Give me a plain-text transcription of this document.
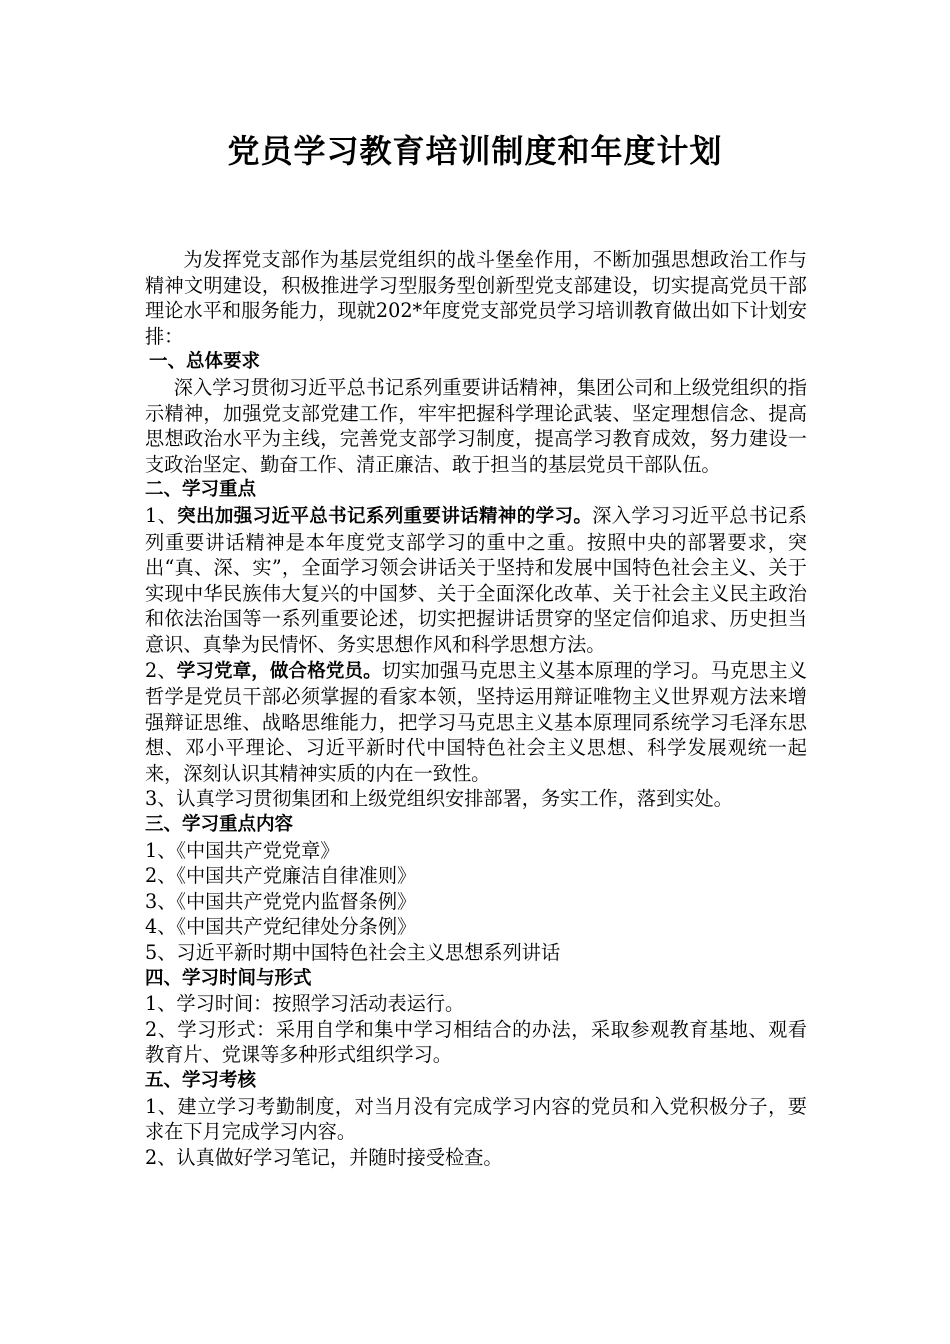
党员学习教育培训制度和年度计划

为发挥党支部作为基层党组织的战斗堡垒作用，不断加强思想政治工作与精神文明建设，积极推进学习型服务型创新型党支部建设，切实提高党员干部理论水平和服务能力，现就202*年度党支部党员学习培训教育做出如下计划安排：

一、总体要求

深入学习贯彻习近平总书记系列重要讲话精神，集团公司和上级党组织的指示精神，加强党支部党建工作，牢牢把握科学理论武装、坚定理想信念、提高思想政治水平为主线，完善党支部学习制度，提高学习教育成效，努力建设一支政治坚定、勤奋工作、清正廉洁、敢于担当的基层党员干部队伍。

二、学习重点

1、突出加强习近平总书记系列重要讲话精神的学习。深入学习习近平总书记系列重要讲话精神是本年度党支部学习的重中之重。按照中央的部署要求，突出“真、深、实”，全面学习领会讲话关于坚持和发展中国特色社会主义、关于实现中华民族伟大复兴的中国梦、关于全面深化改革、关于社会主义民主政治和依法治国等一系列重要论述，切实把握讲话贯穿的坚定信仰追求、历史担当意识、真挚为民情怀、务实思想作风和科学思想方法。

2、学习党章，做合格党员。切实加强马克思主义基本原理的学习。马克思主义哲学是党员干部必须掌握的看家本领，坚持运用辩证唯物主义世界观方法来增强辩证思维、战略思维能力，把学习马克思主义基本原理同系统学习毛泽东思想、邓小平理论、习近平新时代中国特色社会主义思想、科学发展观统一起来，深刻认识其精神实质的内在一致性。

3、认真学习贯彻集团和上级党组织安排部署，务实工作，落到实处。

三、学习重点内容

1、《中国共产党党章》

2、《中国共产党廉洁自律准则》

3、《中国共产党党内监督条例》

4、《中国共产党纪律处分条例》

5、习近平新时期中国特色社会主义思想系列讲话

四、学习时间与形式

1、学习时间：按照学习活动表运行。

2、学习形式：采用自学和集中学习相结合的办法，采取参观教育基地、观看教育片、党课等多种形式组织学习。

五、学习考核

1、建立学习考勤制度，对当月没有完成学习内容的党员和入党积极分子，要求在下月完成学习内容。

2、认真做好学习笔记，并随时接受检查。
